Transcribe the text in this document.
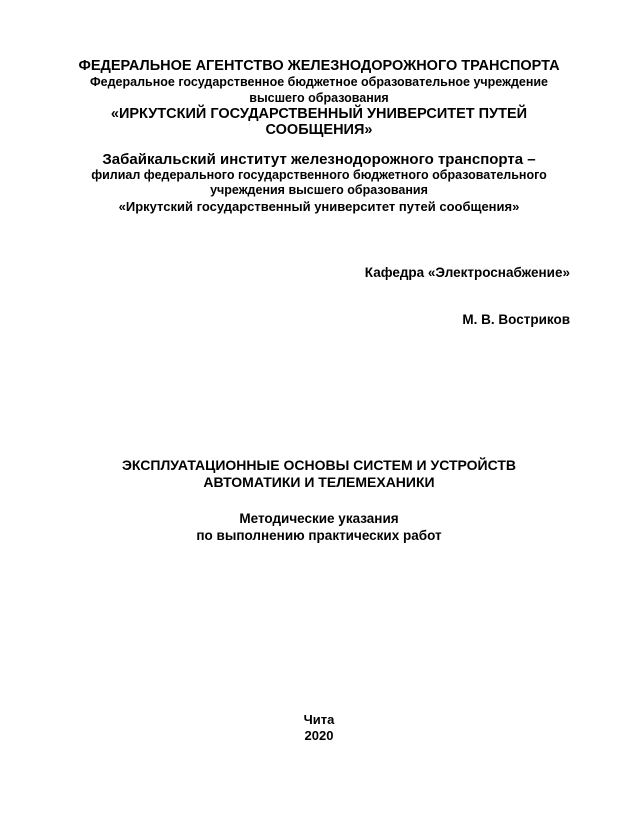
ФЕДЕРАЛЬНОЕ АГЕНТСТВО ЖЕЛЕЗНОДОРОЖНОГО ТРАНСПОРТА
Федеральное государственное бюджетное образовательное учреждение
высшего образования
«ИРКУТСКИЙ ГОСУДАРСТВЕННЫЙ УНИВЕРСИТЕТ ПУТЕЙ
СООБЩЕНИЯ»
Забайкальский институт железнодорожного транспорта –
филиал федерального государственного бюджетного образовательного
учреждения высшего образования
«Иркутский государственный университет путей сообщения»
Кафедра «Электроснабжение»
М. В. Востриков
ЭКСПЛУАТАЦИОННЫЕ ОСНОВЫ СИСТЕМ И УСТРОЙСТВ
АВТОМАТИКИ И ТЕЛЕМЕХАНИКИ
Методические указания
по выполнению практических работ
Чита
2020
